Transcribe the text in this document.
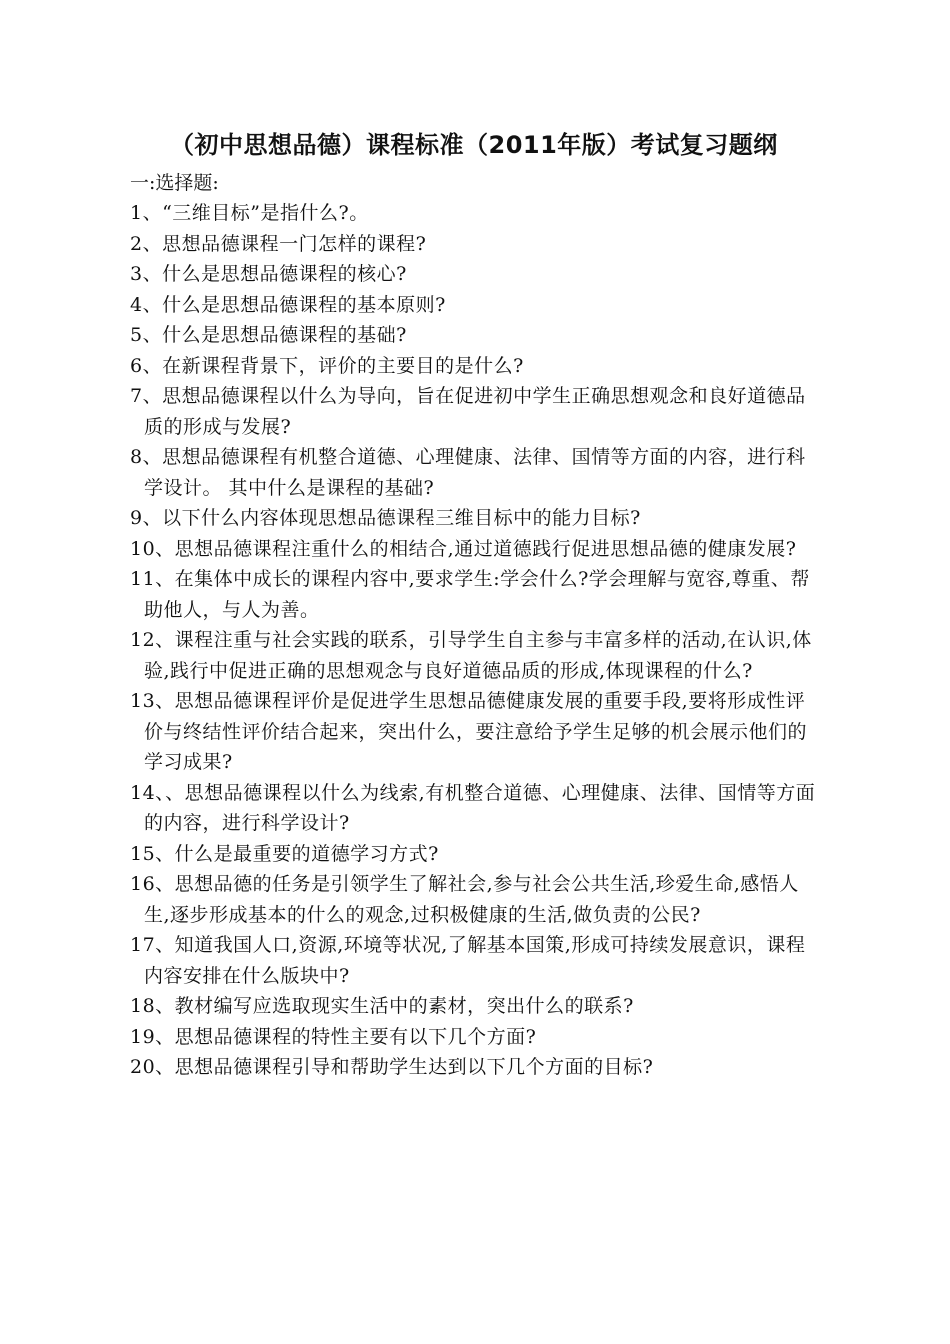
（初中思想品德）课程标准（2011年版）考试复习题纲
一:选择题:
1、“三维目标”是指什么?。
2、思想品德课程一门怎样的课程?
3、什么是思想品德课程的核心?
4、什么是思想品德课程的基本原则?
5、什么是思想品德课程的基础?
6、在新课程背景下，评价的主要目的是什么?
7、思想品德课程以什么为导向，旨在促进初中学生正确思想观念和良好道德品质的形成与发展?
8、思想品德课程有机整合道德、心理健康、法律、国情等方面的内容，进行科学设计。 其中什么是课程的基础?
9、以下什么内容体现思想品德课程三维目标中的能力目标?
10、思想品德课程注重什么的相结合,通过道德践行促进思想品德的健康发展?
11、在集体中成长的课程内容中,要求学生:学会什么?学会理解与宽容,尊重、帮助他人，与人为善。
12、课程注重与社会实践的联系，引导学生自主参与丰富多样的活动,在认识,体验,践行中促进正确的思想观念与良好道德品质的形成,体现课程的什么?
13、思想品德课程评价是促进学生思想品德健康发展的重要手段,要将形成性评价与终结性评价结合起来，突出什么，要注意给予学生足够的机会展示他们的学习成果?
14、、思想品德课程以什么为线索,有机整合道德、心理健康、法律、国情等方面的内容，进行科学设计?
15、什么是最重要的道德学习方式?
16、思想品德的任务是引领学生了解社会,参与社会公共生活,珍爱生命,感悟人生,逐步形成基本的什么的观念,过积极健康的生活,做负责的公民?
17、知道我国人口,资源,环境等状况,了解基本国策,形成可持续发展意识，课程内容安排在什么版块中?
18、教材编写应选取现实生活中的素材，突出什么的联系?
19、思想品德课程的特性主要有以下几个方面?
20、思想品德课程引导和帮助学生达到以下几个方面的目标?
